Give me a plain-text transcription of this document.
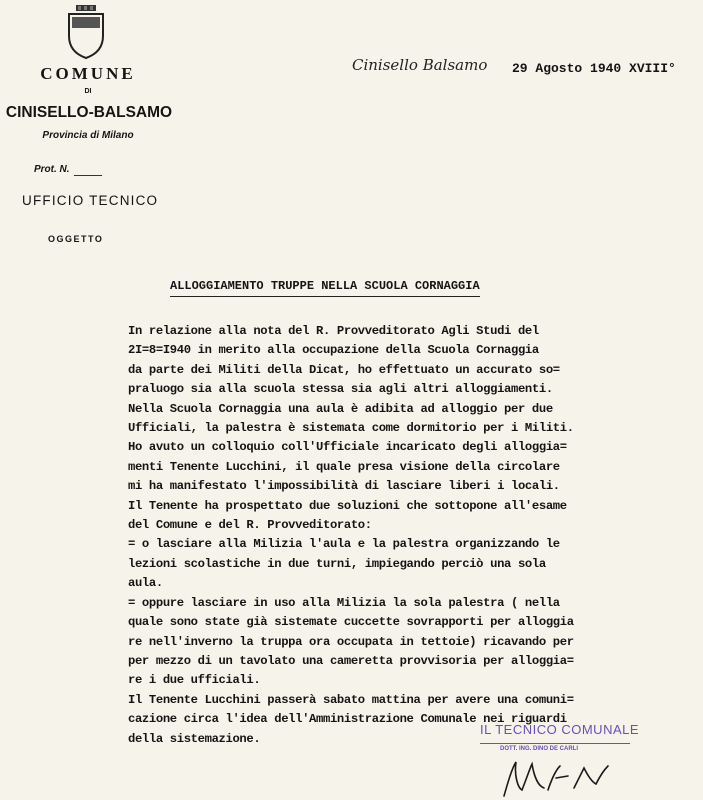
COMUNE
DI
CINISELLO-BALSAMO
Provincia di Milano
Prot. N.
UFFICIO TECNICO
OGGETTO
Cinisello Balsamo 29 Agosto 1940 XVIII°
ALLOGGIAMENTO TRUPPE NELLA SCUOLA CORNAGGIA
In relazione alla nota del R. Provveditorato Agli Studi del
2I=8=I940 in merito alla occupazione della Scuola Cornaggia
da parte dei Militi della Dicat, ho effettuato un accurato so=
praluogo sia alla scuola stessa sia agli altri alloggiamenti.
Nella Scuola Cornaggia una aula è adibita ad alloggio per due
Ufficiali, la palestra è sistemata come dormitorio per i Militi.
Ho avuto un colloquio coll'Ufficiale incaricato degli alloggia=
menti Tenente Lucchini, il quale presa visione della circolare
mi ha manifestato l'impossibilità di lasciare liberi i locali.
Il Tenente ha prospettato due soluzioni che sottopone all'esame
del Comune e del R. Provveditorato:
= o lasciare alla Milizia l'aula e la palestra organizzando le
lezioni scolastiche in due turni, impiegando perciò una sola
aula.
= oppure lasciare in uso alla Milizia la sola palestra ( nella
quale sono state già sistemate cuccette sovrapporti per alloggia
re nell'inverno la truppa ora occupata in tettoie) ricavando per
per mezzo di un tavolato una cameretta provvisoria per alloggia=
re i due ufficiali.
Il Tenente Lucchini passerà sabato mattina per avere una comuni=
cazione circa l'idea dell'Amministrazione Comunale nei riguardi
della sistemazione.
IL TECNICO COMUNALE
DOTT. ING. DINO DE CARLI
